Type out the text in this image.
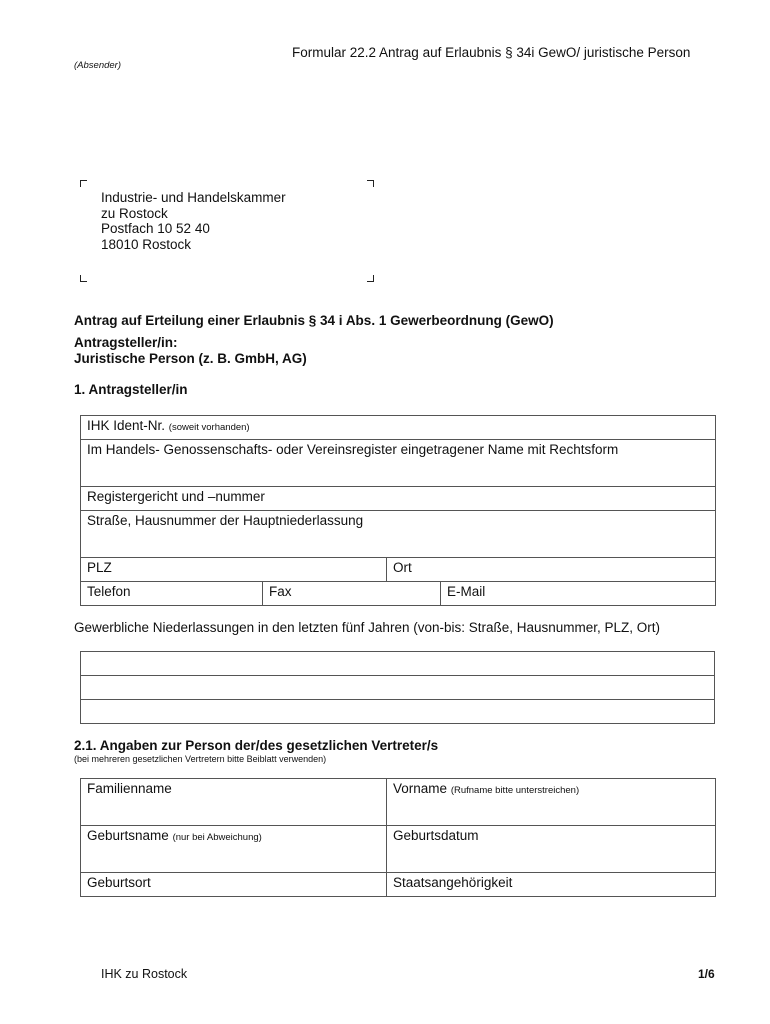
Formular 22.2 Antrag auf Erlaubnis § 34i GewO/ juristische Person
(Absender)
Industrie- und Handelskammer
zu Rostock
Postfach 10 52 40
18010 Rostock
Antrag auf Erteilung einer Erlaubnis § 34 i Abs. 1 Gewerbeordnung (GewO)
Antragsteller/in:
Juristische Person (z. B. GmbH, AG)
1. Antragsteller/in
IHK Ident-Nr. (soweit vorhanden)			
Im Handels- Genossenschafts- oder Vereinsregister eingetragener Name mit Rechtsform			
Registergericht und –nummer			
Straße, Hausnummer der Hauptniederlassung			
PLZ		Ort	
Telefon	Fax		E-Mail
Gewerbliche Niederlassungen in den letzten fünf Jahren (von-bis: Straße, Hausnummer, PLZ, Ort)

2.1. Angaben zur Person der/des gesetzlichen Vertreter/s
(bei mehreren gesetzlichen Vertretern bitte Beiblatt verwenden)
Familienname	Vorname (Rufname bitte unterstreichen)
Geburtsname (nur bei Abweichung)	Geburtsdatum
Geburtsort	Staatsangehörigkeit
IHK zu Rostock	1/6
